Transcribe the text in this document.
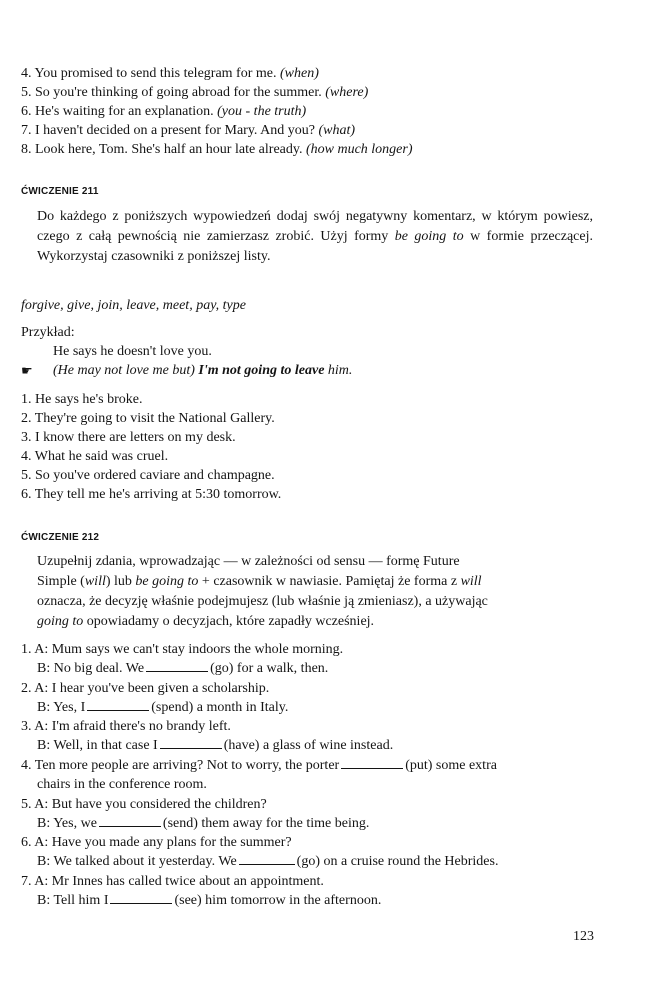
4. You promised to send this telegram for me. (when)
5. So you're thinking of going abroad for the summer. (where)
6. He's waiting for an explanation. (you - the truth)
7. I haven't decided on a present for Mary. And you? (what)
8. Look here, Tom. She's half an hour late already. (how much longer)
ĆWICZENIE 211
Do każdego z poniższych wypowiedzeń dodaj swój negatywny komentarz, w którym powiesz, czego z całą pewnością nie zamierzasz zrobić. Użyj formy be going to w formie przeczącej. Wykorzystaj czasowniki z poniższej listy.
forgive, give, join, leave, meet, pay, type
Przykład:
He says he doesn't love you.
☛ (He may not love me but) I'm not going to leave him.
1. He says he's broke.
2. They're going to visit the National Gallery.
3. I know there are letters on my desk.
4. What he said was cruel.
5. So you've ordered caviare and champagne.
6. They tell me he's arriving at 5:30 tomorrow.
ĆWICZENIE 212
Uzupełnij zdania, wprowadzając — w zależności od sensu — formę Future
Simple (will) lub be going to + czasownik w nawiasie. Pamiętaj że forma z will
oznacza, że decyzję właśnie podejmujesz (lub właśnie ją zmieniasz), a używając
going to opowiadamy o decyzjach, które zapadły wcześniej.
1. A: Mum says we can't stay indoors the whole morning.
B: No big deal. We	(go) for a walk, then.
2. A: I hear you've been given a scholarship.
B: Yes, I	(spend) a month in Italy.
3. A: I'm afraid there's no brandy left.
B: Well, in that case I	(have) a glass of wine instead.
4. Ten more people are arriving? Not to worry, the porter	(put) some extra
chairs in the conference room.
5. A: But have you considered the children?
B: Yes, we	(send) them away for the time being.
6. A: Have you made any plans for the summer?
B: We talked about it yesterday. We	(go) on a cruise round the Hebrides.
7. A: Mr Innes has called twice about an appointment.
B: Tell him I	(see) him tomorrow in the afternoon.
123
